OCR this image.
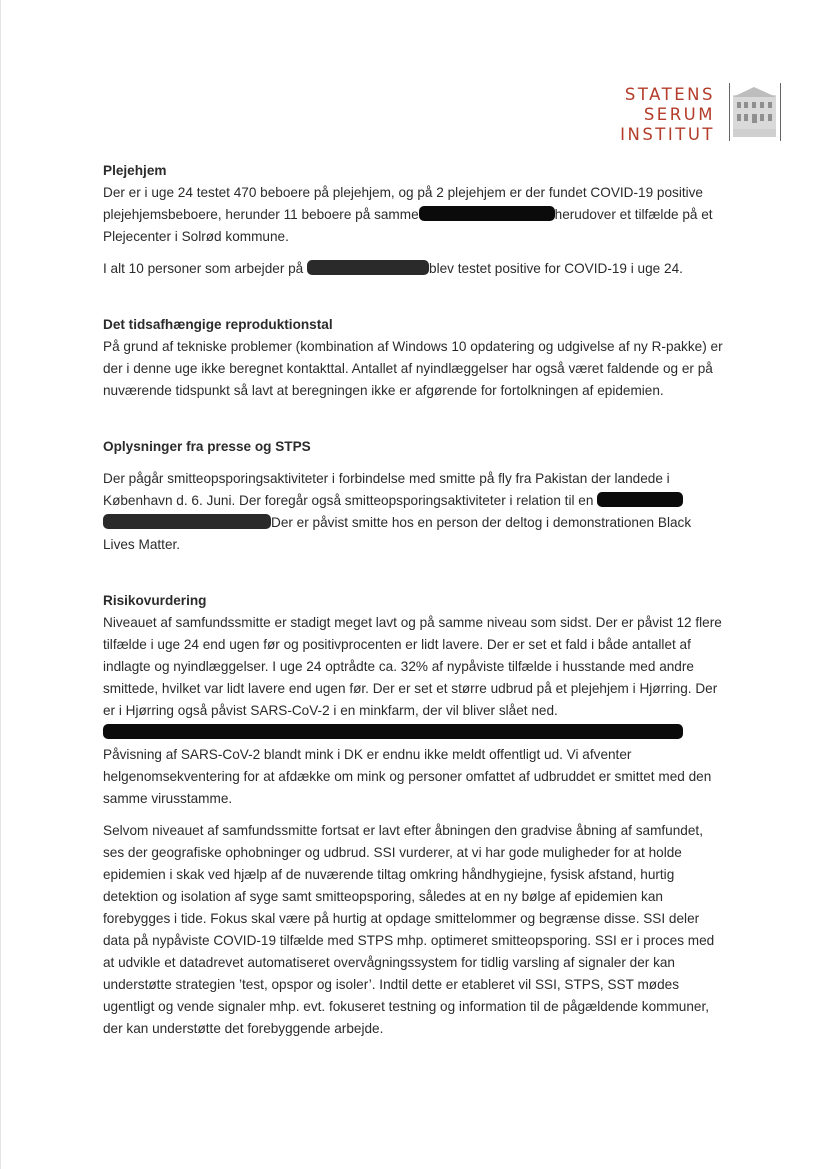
STATENS
SERUM
INSTITUT

Plejehjem

Der er i uge 24 testet 470 beboere på plejehjem, og på 2 plejehjem er der fundet COVID-19 positive plejehjemsbeboere, herunder 11 beboere på samme	herudover et tilfælde på et Plejecenter i Solrød kommune.

I alt 10 personer som arbejder på	blev testet positive for COVID-19 i uge 24.

Det tidsafhængige reproduktionstal

På grund af tekniske problemer (kombination af Windows 10 opdatering og udgivelse af ny R-pakke) er der i denne uge ikke beregnet kontakttal. Antallet af nyindlæggelser har også været faldende og er på nuværende tidspunkt så lavt at beregningen ikke er afgørende for fortolkningen af epidemien.

Oplysninger fra presse og STPS

Der pågår smitteopsporingsaktiviteter i forbindelse med smitte på fly fra Pakistan der landede i København d. 6. Juni. Der foregår også smitteopsporingsaktiviteter i relation til en  Der er påvist smitte hos en person der deltog i demonstrationen Black Lives Matter.

Risikovurdering

Niveauet af samfundssmitte er stadigt meget lavt og på samme niveau som sidst. Der er påvist 12 flere tilfælde i uge 24 end ugen før og positivprocenten er lidt lavere. Der er set et fald i både antallet af indlagte og nyindlæggelser. I uge 24 optrådte ca. 32% af nypåviste tilfælde i husstande med andre smittede, hvilket var lidt lavere end ugen før. Der er set et større udbrud på et plejehjem i Hjørring. Der er i Hjørring også påvist SARS-CoV-2 i en minkfarm, der vil bliver slået ned. Påvisning af SARS-CoV-2 blandt mink i DK er endnu ikke meldt offentligt ud. Vi afventer helgenomsekventering for at afdække om mink og personer omfattet af udbruddet er smittet med den samme virusstamme.

Selvom niveauet af samfundssmitte fortsat er lavt efter åbningen den gradvise åbning af samfundet, ses der geografiske ophobninger og udbrud. SSI vurderer, at vi har gode muligheder for at holde epidemien i skak ved hjælp af de nuværende tiltag omkring håndhygiejne, fysisk afstand, hurtig detektion og isolation af syge samt smitteopsporing, således at en ny bølge af epidemien kan forebygges i tide. Fokus skal være på hurtig at opdage smittelommer og begrænse disse. SSI deler data på nypåviste COVID-19 tilfælde med STPS mhp. optimeret smitteopsporing. SSI er i proces med at udvikle et datadrevet automatiseret overvågningssystem for tidlig varsling af signaler der kan understøtte strategien ’test, opspor og isoler’. Indtil dette er etableret vil SSI, STPS, SST mødes ugentligt og vende signaler mhp. evt. fokuseret testning og information til de pågældende kommuner, der kan understøtte det forebyggende arbejde.
